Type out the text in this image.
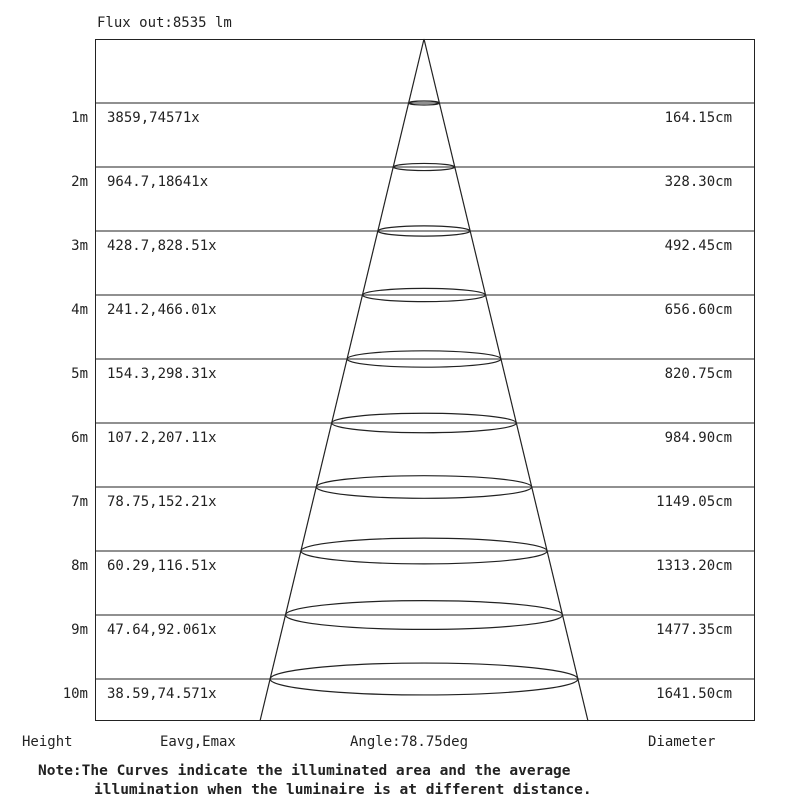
Flux out:8535 lm
1m 3859,74571x	164.15cm
2m 964.7,18641x	328.30cm
3m 428.7,828.51x	492.45cm
4m 241.2,466.01x	656.60cm
5m 154.3,298.31x	820.75cm
6m 107.2,207.11x	984.90cm
7m 78.75,152.21x	1149.05cm
8m 60.29,116.51x	1313.20cm
9m 47.64,92.061x	1477.35cm
10m 38.59,74.571x	1641.50cm
Height	Eavg,Emax	Angle:78.75deg	Diameter
Note:The Curves indicate the illuminated area and the average
illumination when the luminaire is at different distance.
